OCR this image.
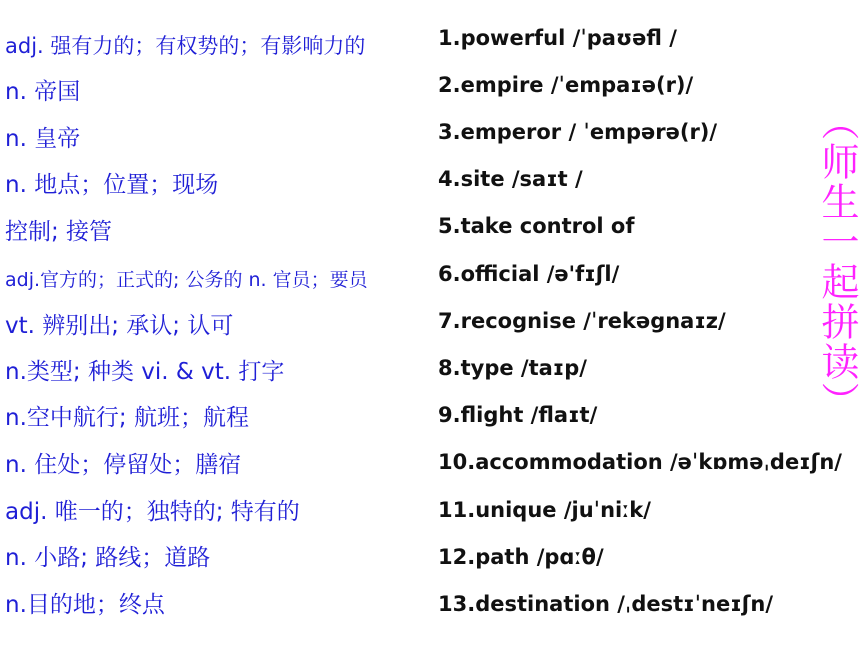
adj. 强有力的；有权势的；有影响力的
n. 帝国
n. 皇帝
n. 地点；位置；现场
控制; 接管
adj.官方的；正式的; 公务的 n. 官员；要员
vt. 辨别出; 承认; 认可
n.类型; 种类 vi. & vt. 打字
n.空中航行; 航班；航程
n. 住处；停留处；膳宿
adj. 唯一的；独特的; 特有的
n. 小路; 路线；道路
n.目的地；终点
1.powerful /ˈpaʊəfl /
2.empire /ˈempaɪə(r)/
3.emperor / ˈempərə(r)/
4.site /saɪt /
5.take control of
6.official /ə'fɪʃl/
7.recognise /ˈrekəgnaɪz/
8.type /taɪp/
9.flight /flaɪt/
10.accommodation /əˈkɒməˌdeɪʃn/
11.unique /juˈniːk/
12.path /pɑːθ/
13.destination /ˌdestɪˈneɪʃn/
（师生一起拼读）
